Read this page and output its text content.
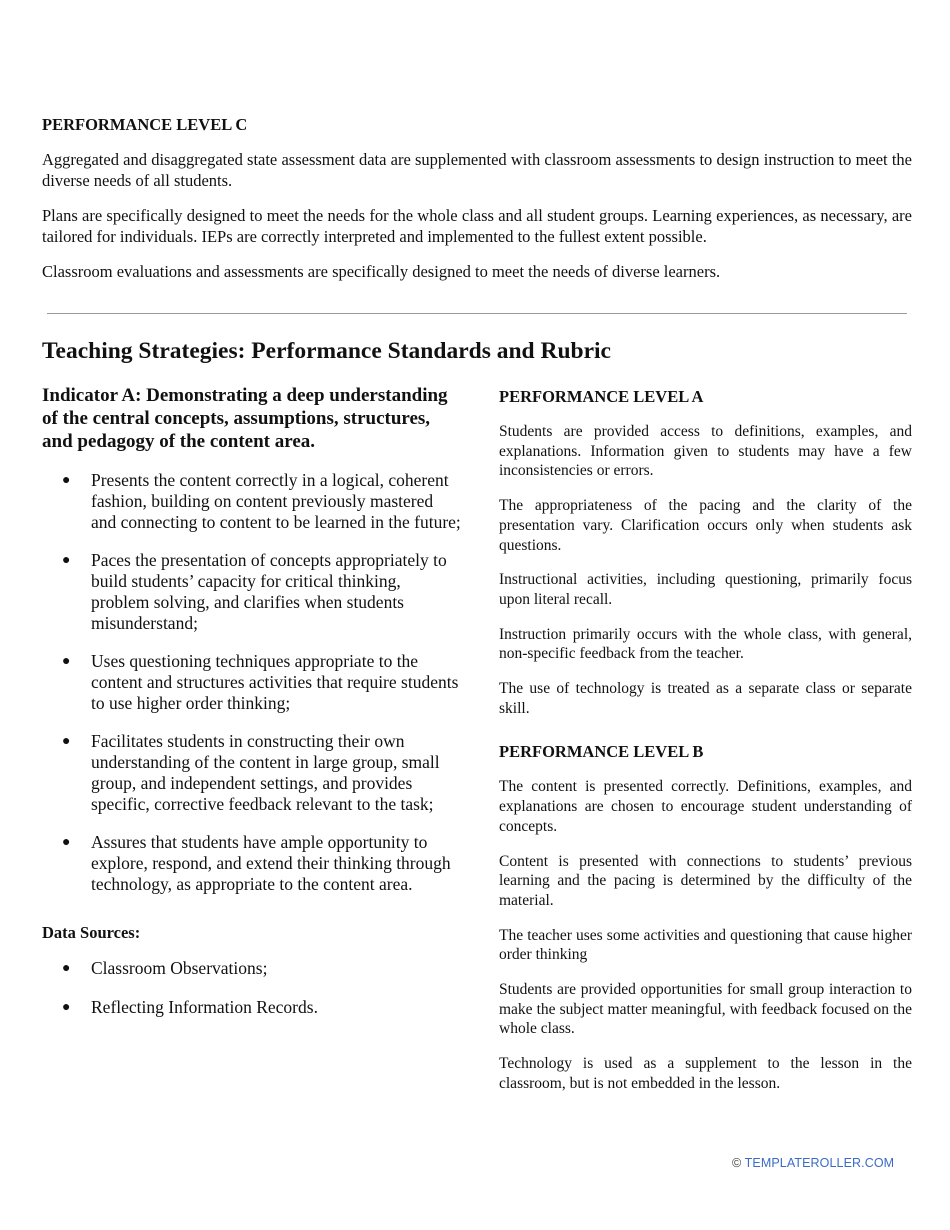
PERFORMANCE LEVEL C

Aggregated and disaggregated state assessment data are supplemented with classroom assessments to design instruction to meet the diverse needs of all students.

Plans are specifically designed to meet the needs for the whole class and all student groups. Learning experiences, as necessary, are tailored for individuals. IEPs are correctly interpreted and implemented to the fullest extent possible.

Classroom evaluations and assessments are specifically designed to meet the needs of diverse learners.

Teaching Strategies: Performance Standards and Rubric
Indicator A: Demonstrating a deep understanding of the central concepts, assumptions, structures, and pedagogy of the content area.
● Presents the content correctly in a logical, coherent fashion, building on content previously mastered and connecting to content to be learned in the future;
● Paces the presentation of concepts appropriately to build students’ capacity for critical thinking, problem solving, and clarifies when students misunderstand;
● Uses questioning techniques appropriate to the content and structures activities that require students to use higher order thinking;
● Facilitates students in constructing their own understanding of the content in large group, small group, and independent settings, and provides specific, corrective feedback relevant to the task;
● Assures that students have ample opportunity to explore, respond, and extend their thinking through technology, as appropriate to the content area.
Data Sources:
● Classroom Observations;
● Reflecting Information Records.
PERFORMANCE LEVEL A

Students are provided access to definitions, examples, and explanations. Information given to students may have a few inconsistencies or errors.

The appropriateness of the pacing and the clarity of the presentation vary. Clarification occurs only when students ask questions.

Instructional activities, including questioning, primarily focus upon literal recall.

Instruction primarily occurs with the whole class, with general, non-specific feedback from the teacher.

The use of technology is treated as a separate class or separate skill.

PERFORMANCE LEVEL B

The content is presented correctly. Definitions, examples, and explanations are chosen to encourage student understanding of concepts.

Content is presented with connections to students’ previous learning and the pacing is determined by the difficulty of the material.

The teacher uses some activities and questioning that cause higher order thinking

Students are provided opportunities for small group interaction to make the subject matter meaningful, with feedback focused on the whole class.

Technology is used as a supplement to the lesson in the classroom, but is not embedded in the lesson.

© TEMPLATEROLLER.COM
